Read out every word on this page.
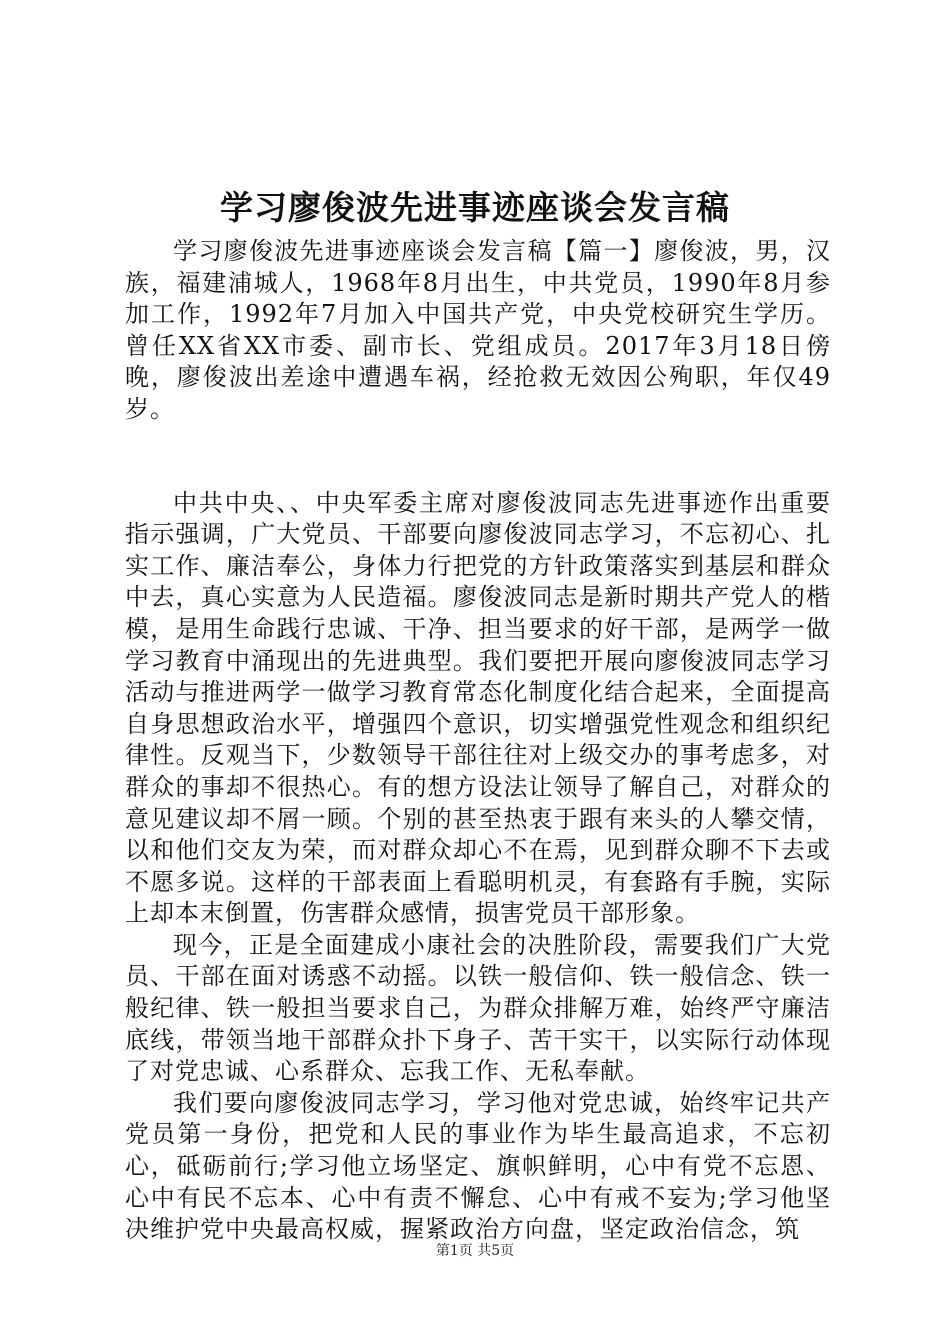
学习廖俊波先进事迹座谈会发言稿

学习廖俊波先进事迹座谈会发言稿【篇一】廖俊波，男，汉族，福建浦城人，1968年8月出生，中共党员，1990年8月参加工作，1992年7月加入中国共产党，中央党校研究生学历。曾任XX省XX市委、副市长、党组成员。2017年3月18日傍晚，廖俊波出差途中遭遇车祸，经抢救无效因公殉职，年仅49岁。

中共中央、、中央军委主席对廖俊波同志先进事迹作出重要指示强调，广大党员、干部要向廖俊波同志学习，不忘初心、扎实工作、廉洁奉公，身体力行把党的方针政策落实到基层和群众中去，真心实意为人民造福。廖俊波同志是新时期共产党人的楷模，是用生命践行忠诚、干净、担当要求的好干部，是两学一做学习教育中涌现出的先进典型。我们要把开展向廖俊波同志学习活动与推进两学一做学习教育常态化制度化结合起来，全面提高自身思想政治水平，增强四个意识，切实增强党性观念和组织纪律性。反观当下，少数领导干部往往对上级交办的事考虑多，对群众的事却不很热心。有的想方设法让领导了解自己，对群众的意见建议却不屑一顾。个别的甚至热衷于跟有来头的人攀交情，以和他们交友为荣，而对群众却心不在焉，见到群众聊不下去或不愿多说。这样的干部表面上看聪明机灵，有套路有手腕，实际上却本末倒置，伤害群众感情，损害党员干部形象。

现今，正是全面建成小康社会的决胜阶段，需要我们广大党员、干部在面对诱惑不动摇。以铁一般信仰、铁一般信念、铁一般纪律、铁一般担当要求自己，为群众排解万难，始终严守廉洁底线，带领当地干部群众扑下身子、苦干实干，以实际行动体现了对党忠诚、心系群众、忘我工作、无私奉献。

我们要向廖俊波同志学习，学习他对党忠诚，始终牢记共产党员第一身份，把党和人民的事业作为毕生最高追求，不忘初心，砥砺前行;学习他立场坚定、旗帜鲜明，心中有党不忘恩、心中有民不忘本、心中有责不懈怠、心中有戒不妄为;学习他坚决维护党中央最高权威，握紧政治方向盘，坚定政治信念，筑

第1页 共5页
